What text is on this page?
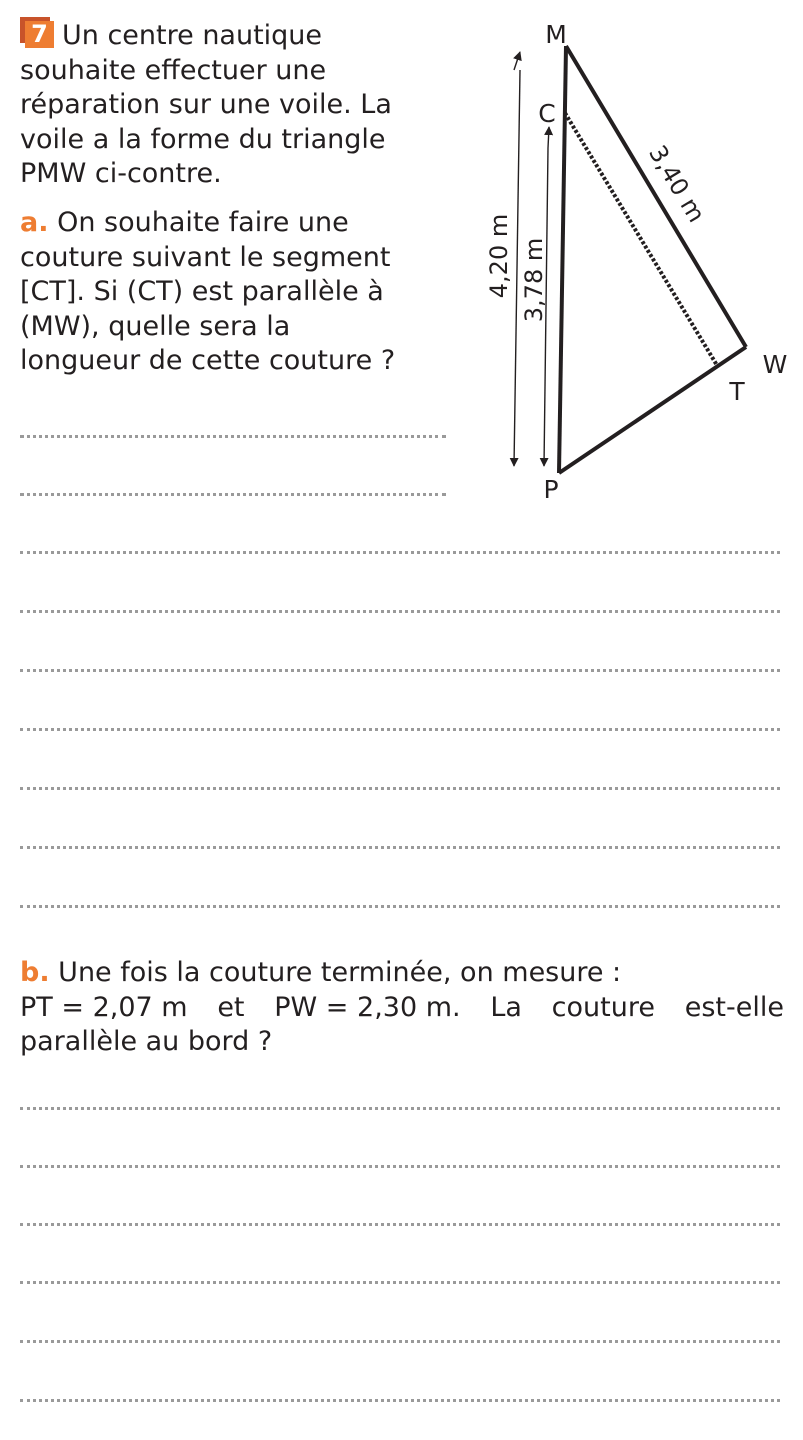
7 Un centre nautique
souhaite effectuer une
réparation sur une voile. La
voile a la forme du triangle
PMW ci-contre.
a. On souhaite faire une
couture suivant le segment
[CT]. Si (CT) est parallèle à
(MW), quelle sera la
longueur de cette couture ?
b. Une fois la couture terminée, on mesure :
PT = 2,07 m et PW = 2,30 m. La couture est-elle
parallèle au bord ?
M
C
W
T
P
4,20 m 3,78 m
3,40 m
